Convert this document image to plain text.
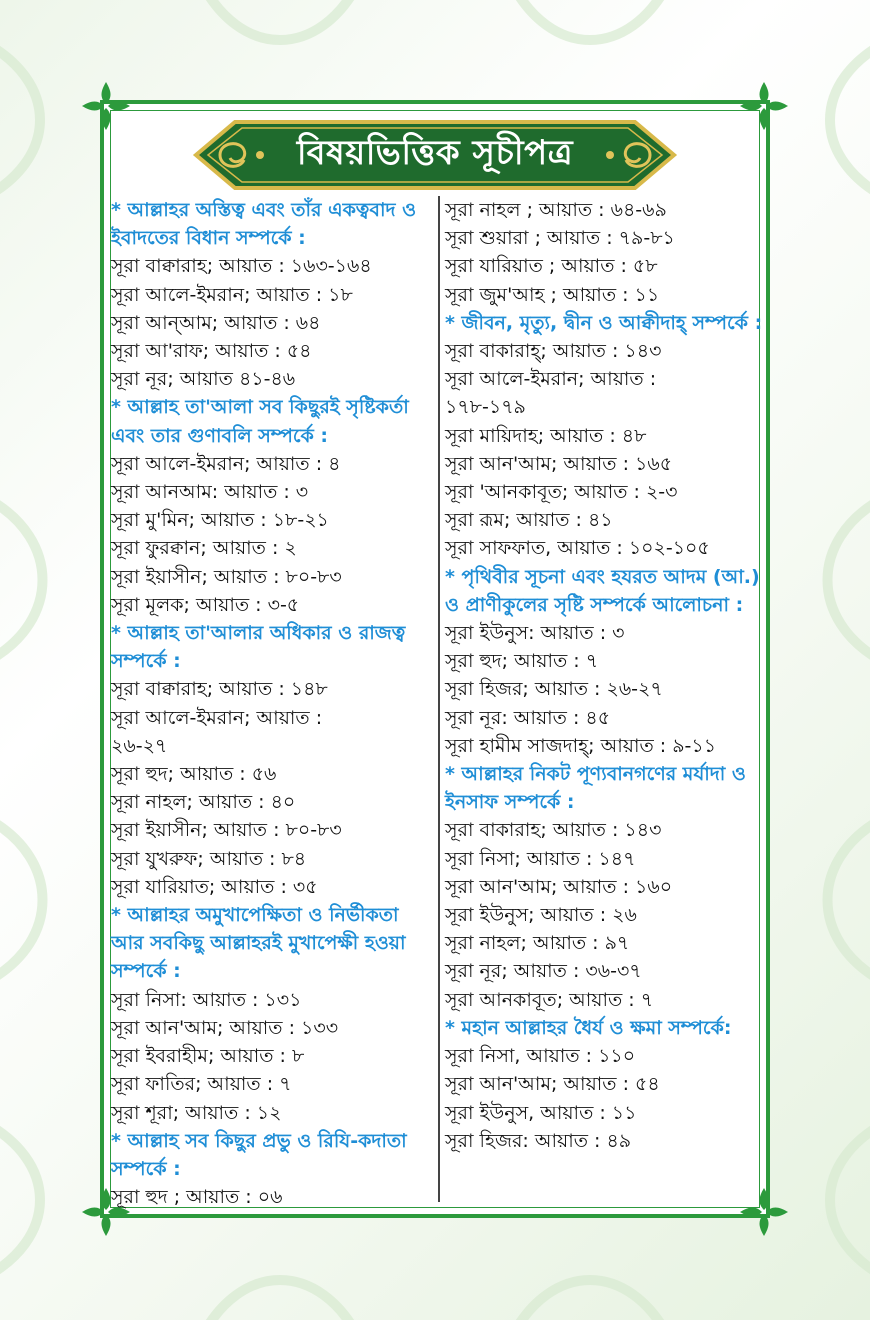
বিষয়ভিত্তিক সূচীপত্র
* আল্লাহর অস্তিত্ব এবং তাঁর একত্ববাদ ও ইবাদতের বিধান সম্পর্কে :
সূরা বাক্বারাহ; আয়াত : ১৬৩-১৬৪
সূরা আলে-ইমরান; আয়াত : ১৮
সূরা আন্‌আম; আয়াত : ৬৪
সূরা আ'রাফ; আয়াত : ৫৪
সূরা নূর; আয়াত ৪১-৪৬
* আল্লাহ তা'আলা সব কিছুরই সৃষ্টিকর্তা এবং তার গুণাবলি সম্পর্কে :
সূরা আলে-ইমরান; আয়াত : ৪
সূরা আনআম: আয়াত : ৩
সূরা মু'মিন; আয়াত : ১৮-২১
সূরা ফুরক্বান; আয়াত : ২
সূরা ইয়াসীন; আয়াত : ৮০-৮৩
সূরা মূলক; আয়াত : ৩-৫
* আল্লাহ তা'আলার অধিকার ও রাজত্ব সম্পর্কে :
সূরা বাক্বারাহ; আয়াত : ১৪৮
সূরা আলে-ইমরান; আয়াত :
২৬-২৭
সূরা হুদ; আয়াত : ৫৬
সূরা নাহল; আয়াত : ৪০
সূরা ইয়াসীন; আয়াত : ৮০-৮৩
সূরা যুখরুফ; আয়াত : ৮৪
সূরা যারিয়াত; আয়াত : ৩৫
* আল্লাহর অমুখাপেক্ষিতা ও নির্ভীকতা আর সবকিছু আল্লাহরই মুখাপেক্ষী হওয়া সম্পর্কে :
সূরা নিসা: আয়াত : ১৩১
সূরা আন'আম; আয়াত : ১৩৩
সূরা ইবরাহীম; আয়াত : ৮
সূরা ফাতির; আয়াত : ৭
সূরা শূরা; আয়াত : ১২
* আল্লাহ সব কিছুর প্রভু ও রিযি-কদাতা সম্পর্কে :
সূরা হুদ ; আয়াত : ০৬
সূরা নাহল ; আয়াত : ৬৪-৬৯
সূরা শুয়ারা ; আয়াত : ৭৯-৮১
সূরা যারিয়াত ; আয়াত : ৫৮
সূরা জুম'আহ ; আয়াত : ১১
* জীবন, মৃত্যু, দ্বীন ও আক্বীদাহ্ সম্পর্কে :
সূরা বাকারাহ্; আয়াত : ১৪৩
সূরা আলে-ইমরান; আয়াত :
১৭৮-১৭৯
সূরা মায়িদাহ; আয়াত : ৪৮
সূরা আন'আম; আয়াত : ১৬৫
সূরা 'আনকাবূত; আয়াত : ২-৩
সূরা রূম; আয়াত : ৪১
সূরা সাফফাত, আয়াত : ১০২-১০৫
* পৃথিবীর সূচনা এবং হযরত আদম (আ.) ও প্রাণীকুলের সৃষ্টি সম্পর্কে আলোচনা :
সূরা ইউনুস: আয়াত : ৩
সূরা হুদ; আয়াত : ৭
সূরা হিজর; আয়াত : ২৬-২৭
সূরা নূর: আয়াত : ৪৫
সূরা হামীম সাজদাহ্; আয়াত : ৯-১১
* আল্লাহর নিকট পূণ্যবানগণের মর্যাদা ও ইনসাফ সম্পর্কে :
সূরা বাকারাহ; আয়াত : ১৪৩
সূরা নিসা; আয়াত : ১৪৭
সূরা আন'আম; আয়াত : ১৬০
সূরা ইউনুস; আয়াত : ২৬
সূরা নাহল; আয়াত : ৯৭
সূরা নূর; আয়াত : ৩৬-৩৭
সূরা আনকাবূত; আয়াত : ৭
* মহান আল্লাহর ধৈর্য ও ক্ষমা সম্পর্কে:
সূরা নিসা, আয়াত : ১১০
সূরা আন'আম; আয়াত : ৫৪
সূরা ইউনুস, আয়াত : ১১
সূরা হিজর: আয়াত : ৪৯
